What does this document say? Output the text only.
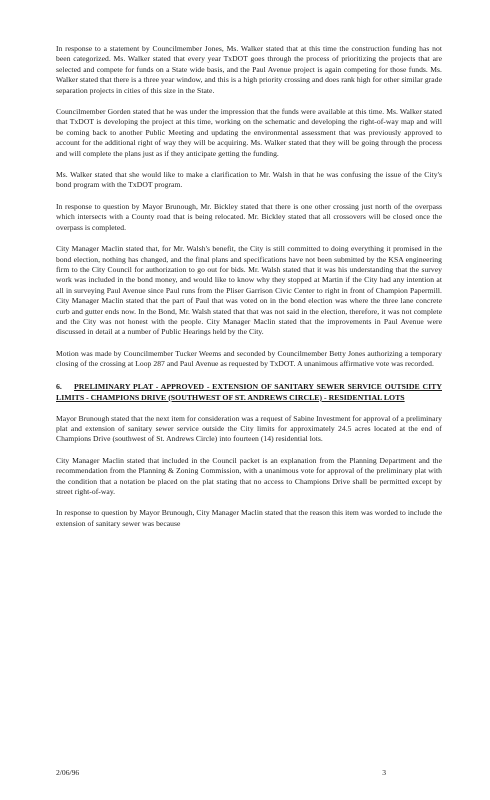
In response to a statement by Councilmember Jones, Ms. Walker stated that at this time the construction funding has not been categorized. Ms. Walker stated that every year TxDOT goes through the process of prioritizing the projects that are selected and compete for funds on a State wide basis, and the Paul Avenue project is again competing for those funds. Ms. Walker stated that there is a three year window, and this is a high priority crossing and does rank high for other similar grade separation projects in cities of this size in the State.

Councilmember Gorden stated that he was under the impression that the funds were available at this time. Ms. Walker stated that TxDOT is developing the project at this time, working on the schematic and developing the right-of-way map and will be coming back to another Public Meeting and updating the environmental assessment that was previously approved to account for the additional right of way they will be acquiring. Ms. Walker stated that they will be going through the process and will complete the plans just as if they anticipate getting the funding.

Ms. Walker stated that she would like to make a clarification to Mr. Walsh in that he was confusing the issue of the City's bond program with the TxDOT program.

In response to question by Mayor Brunough, Mr. Bickley stated that there is one other crossing just north of the overpass which intersects with a County road that is being relocated. Mr. Bickley stated that all crossovers will be closed once the overpass is completed.

City Manager Maclin stated that, for Mr. Walsh's benefit, the City is still committed to doing everything it promised in the bond election, nothing has changed, and the final plans and specifications have not been submitted by the KSA engineering firm to the City Council for authorization to go out for bids. Mr. Walsh stated that it was his understanding that the survey work was included in the bond money, and would like to know why they stopped at Martin if the City had any intention at all in surveying Paul Avenue since Paul runs from the Pliser Garrison Civic Center to right in front of Champion Papermill. City Manager Maclin stated that the part of Paul that was voted on in the bond election was where the three lane concrete curb and gutter ends now. In the Bond, Mr. Walsh stated that that was not said in the election, therefore, it was not complete and the City was not honest with the people. City Manager Maclin stated that the improvements in Paul Avenue were discussed in detail at a number of Public Hearings held by the City.

Motion was made by Councilmember Tucker Weems and seconded by Councilmember Betty Jones authorizing a temporary closing of the crossing at Loop 287 and Paul Avenue as requested by TxDOT. A unanimous affirmative vote was recorded.

6. PRELIMINARY PLAT - APPROVED - EXTENSION OF SANITARY SEWER SERVICE OUTSIDE CITY LIMITS - CHAMPIONS DRIVE (SOUTHWEST OF ST. ANDREWS CIRCLE) - RESIDENTIAL LOTS

Mayor Brunough stated that the next item for consideration was a request of Sabine Investment for approval of a preliminary plat and extension of sanitary sewer service outside the City limits for approximately 24.5 acres located at the end of Champions Drive (southwest of St. Andrews Circle) into fourteen (14) residential lots.

City Manager Maclin stated that included in the Council packet is an explanation from the Planning Department and the recommendation from the Planning & Zoning Commission, with a unanimous vote for approval of the preliminary plat with the condition that a notation be placed on the plat stating that no access to Champions Drive shall be permitted except by street right-of-way.

In response to question by Mayor Brunough, City Manager Maclin stated that the reason this item was worded to include the extension of sanitary sewer was because

2/06/96	3
